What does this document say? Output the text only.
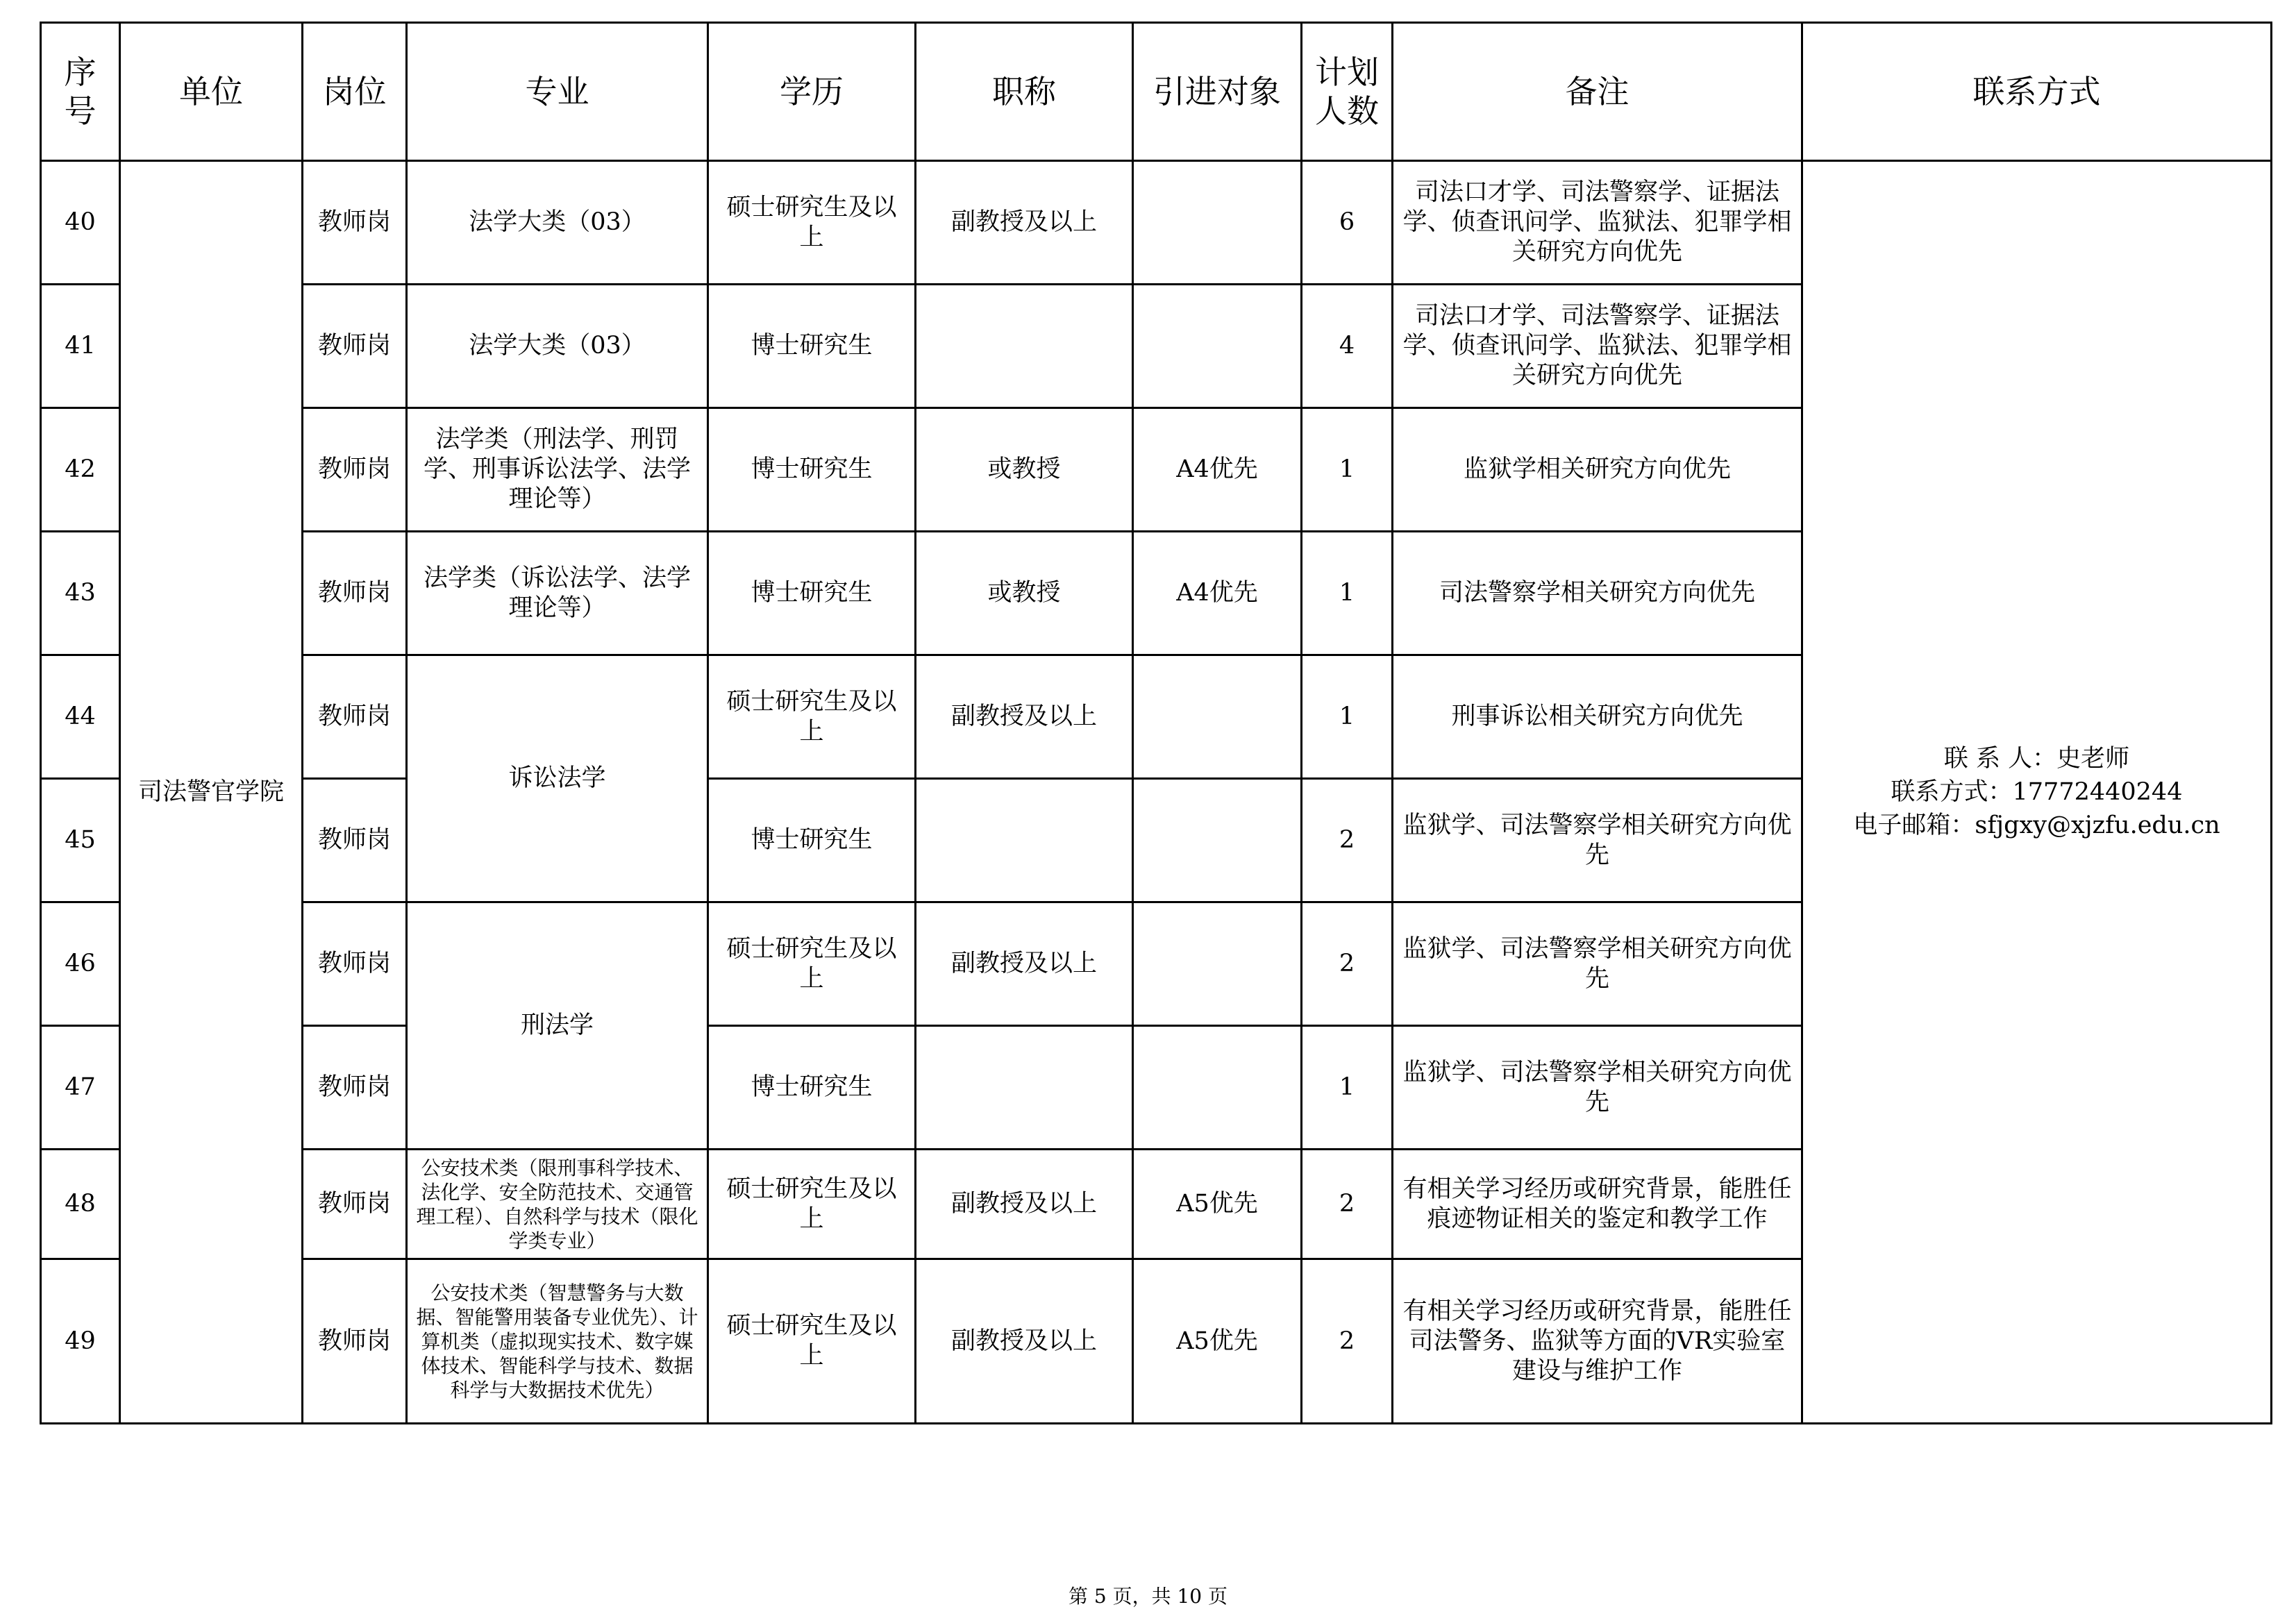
序号	单位	岗位	专业	学历	职称	引进对象	计划人数	备注	联系方式
40	司法警官学院	教师岗	法学大类（03）	硕士研究生及以上	副教授及以上		6	司法口才学、司法警察学、证据法学、侦查讯问学、监狱法、犯罪学相关研究方向优先	联 系 人：史老师
联系方式：17772440244
电子邮箱：sfjgxy@xjzfu.edu.cn

41		教师岗	法学大类（03）	博士研究生			4	司法口才学、司法警察学、证据法学、侦查讯问学、监狱法、犯罪学相关研究方向优先	
42		教师岗	法学类（刑法学、刑罚学、刑事诉讼法学、法学理论等）	博士研究生	或教授	A4优先	1	监狱学相关研究方向优先	
43		教师岗	法学类（诉讼法学、法学理论等）	博士研究生	或教授	A4优先	1	司法警察学相关研究方向优先	
44		教师岗	诉讼法学	硕士研究生及以上	副教授及以上		1	刑事诉讼相关研究方向优先	
45		教师岗		博士研究生			2	监狱学、司法警察学相关研究方向优先	
46		教师岗	刑法学	硕士研究生及以上	副教授及以上		2	监狱学、司法警察学相关研究方向优先	
47		教师岗		博士研究生			1	监狱学、司法警察学相关研究方向优先	
48		教师岗	公安技术类（限刑事科学技术、法化学、安全防范技术、交通管理工程）、自然科学与技术（限化学类专业）	硕士研究生及以上	副教授及以上	A5优先	2	有相关学习经历或研究背景，能胜任痕迹物证相关的鉴定和教学工作	
49		教师岗	公安技术类（智慧警务与大数据、智能警用装备专业优先）、计算机类（虚拟现实技术、数字媒体技术、智能科学与技术、数据科学与大数据技术优先）	硕士研究生及以上	副教授及以上	A5优先	2	有相关学习经历或研究背景，能胜任司法警务、监狱等方面的VR实验室建设与维护工作	
第 5 页，共 10 页
